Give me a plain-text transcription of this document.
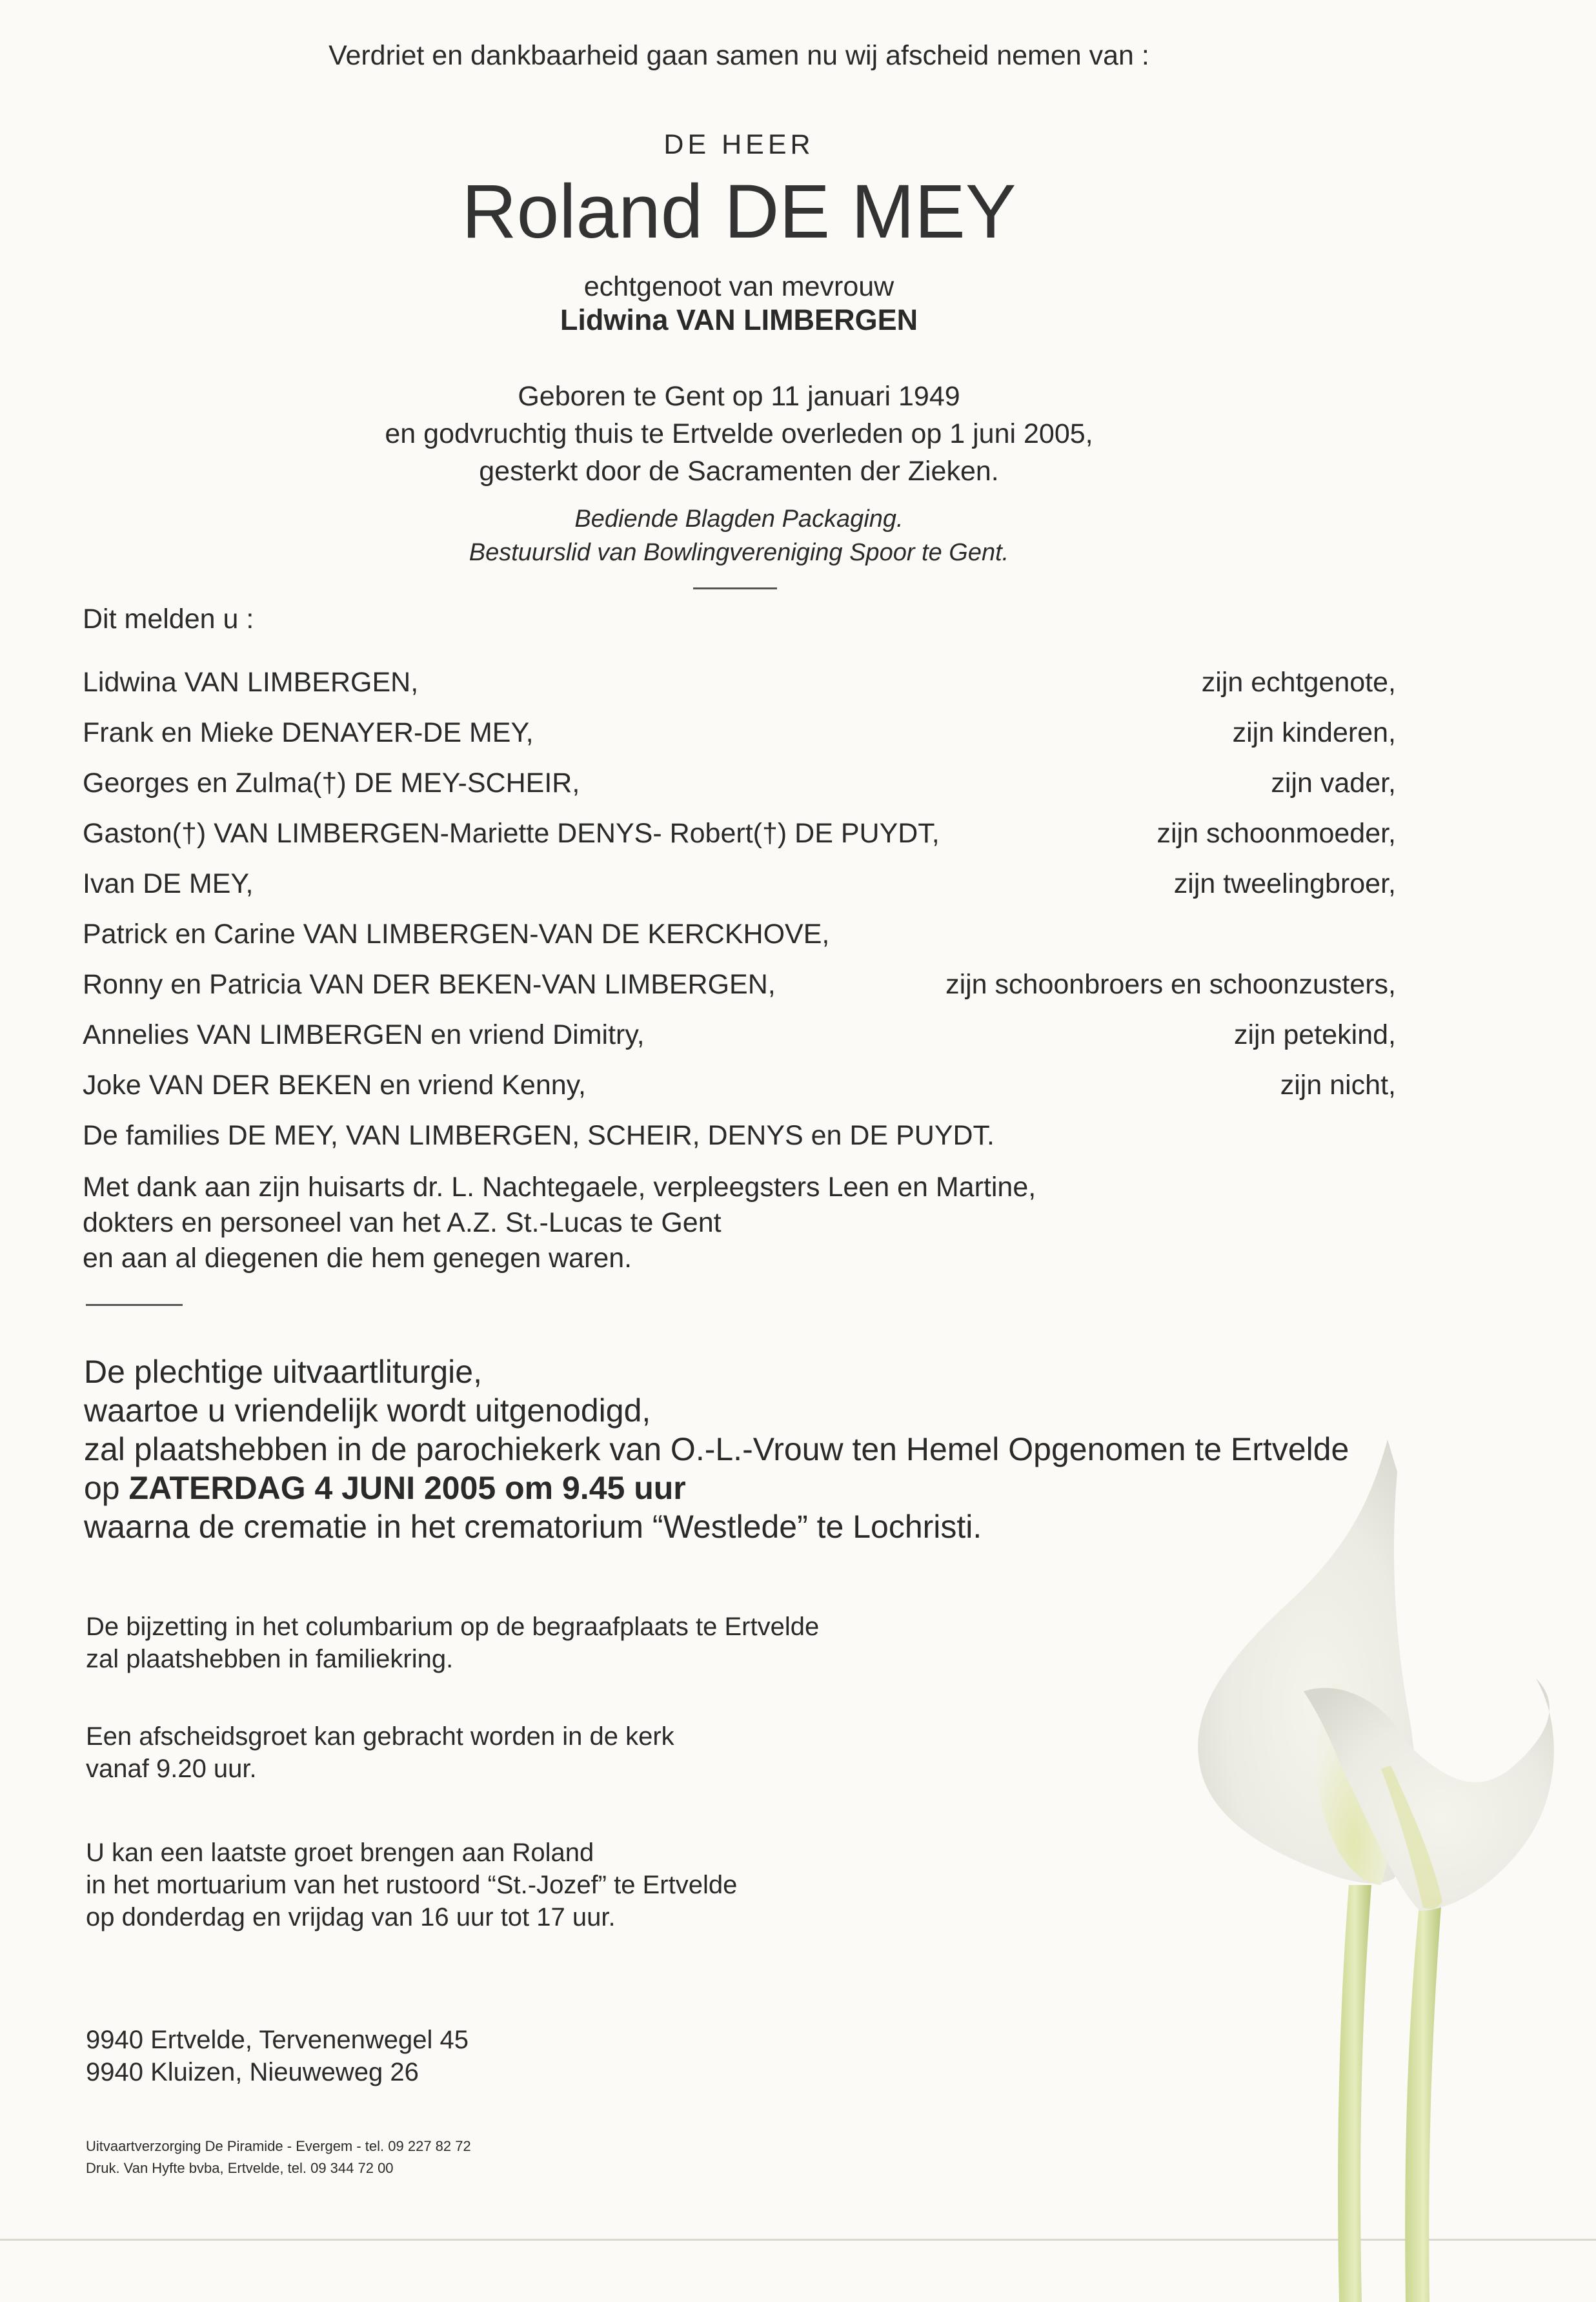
Verdriet en dankbaarheid gaan samen nu wij afscheid nemen van :
DE HEER
Roland DE MEY
echtgenoot van mevrouw
Lidwina VAN LIMBERGEN
Geboren te Gent op 11 januari 1949
en godvruchtig thuis te Ertvelde overleden op 1 juni 2005,
gesterkt door de Sacramenten der Zieken.
Bediende Blagden Packaging.
Bestuurslid van Bowlingvereniging Spoor te Gent.
Dit melden u :
Lidwina VAN LIMBERGEN,	zijn echtgenote,
Frank en Mieke DENAYER-DE MEY,	zijn kinderen,
Georges en Zulma(†) DE MEY-SCHEIR,	zijn vader,
Gaston(†) VAN LIMBERGEN-Mariette DENYS- Robert(†) DE PUYDT,	zijn schoonmoeder,
Ivan DE MEY,	zijn tweelingbroer,
Patrick en Carine VAN LIMBERGEN-VAN DE KERCKHOVE,
Ronny en Patricia VAN DER BEKEN-VAN LIMBERGEN,	zijn schoonbroers en schoonzusters,
Annelies VAN LIMBERGEN en vriend Dimitry,	zijn petekind,
Joke VAN DER BEKEN en vriend Kenny,	zijn nicht,
De families DE MEY, VAN LIMBERGEN, SCHEIR, DENYS en DE PUYDT.
Met dank aan zijn huisarts dr. L. Nachtegaele, verpleegsters Leen en Martine,
dokters en personeel van het A.Z. St.-Lucas te Gent
en aan al diegenen die hem genegen waren.
De plechtige uitvaartliturgie,
waartoe u vriendelijk wordt uitgenodigd,
zal plaatshebben in de parochiekerk van O.-L.-Vrouw ten Hemel Opgenomen te Ertvelde
op ZATERDAG 4 JUNI 2005 om 9.45 uur
waarna de crematie in het crematorium “Westlede” te Lochristi.
De bijzetting in het columbarium op de begraafplaats te Ertvelde
zal plaatshebben in familiekring.
Een afscheidsgroet kan gebracht worden in de kerk
vanaf 9.20 uur.
U kan een laatste groet brengen aan Roland
in het mortuarium van het rustoord “St.-Jozef” te Ertvelde
op donderdag en vrijdag van 16 uur tot 17 uur.
9940 Ertvelde, Tervenenwegel 45
9940 Kluizen, Nieuweweg 26
Uitvaartverzorging De Piramide - Evergem - tel. 09 227 82 72
Druk. Van Hyfte bvba, Ertvelde, tel. 09 344 72 00
